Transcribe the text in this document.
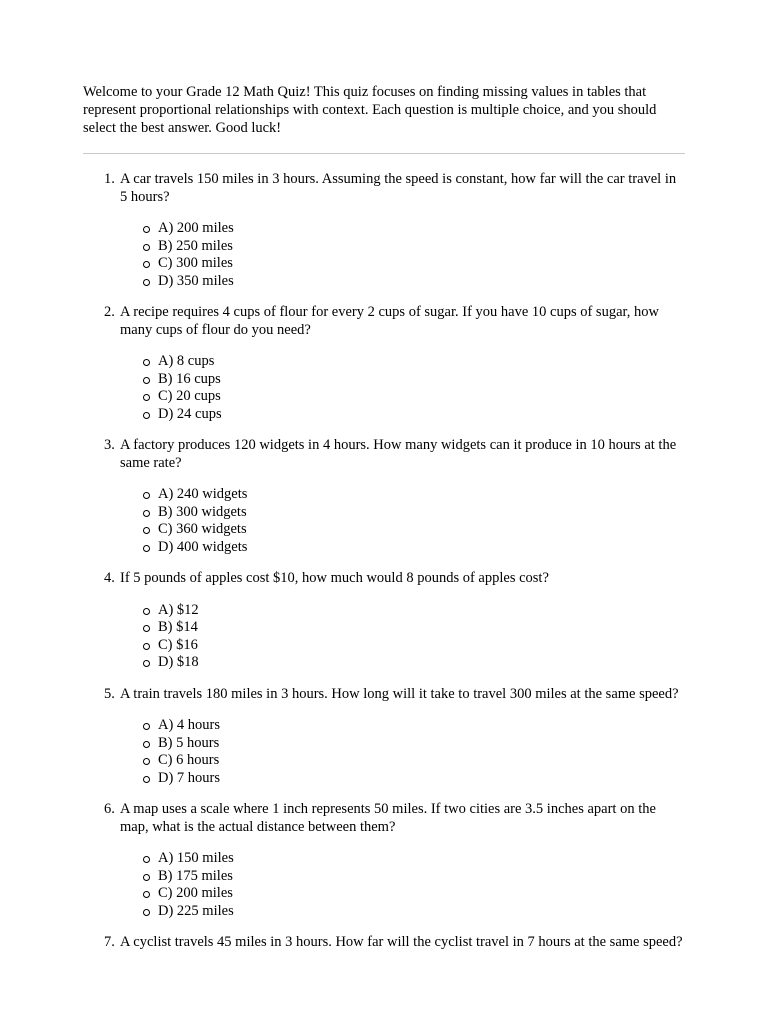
Welcome to your Grade 12 Math Quiz! This quiz focuses on finding missing values in tables that represent proportional relationships with context. Each question is multiple choice, and you should select the best answer. Good luck!

1. A car travels 150 miles in 3 hours. Assuming the speed is constant, how far will the car travel in 5 hours?

A) 200 miles
B) 250 miles
C) 300 miles
D) 350 miles
2. A recipe requires 4 cups of flour for every 2 cups of sugar. If you have 10 cups of sugar, how many cups of flour do you need?

A) 8 cups
B) 16 cups
C) 20 cups
D) 24 cups
3. A factory produces 120 widgets in 4 hours. How many widgets can it produce in 10 hours at the same rate?

A) 240 widgets
B) 300 widgets
C) 360 widgets
D) 400 widgets
4. If 5 pounds of apples cost $10, how much would 8 pounds of apples cost?

A) $12
B) $14
C) $16
D) $18
5. A train travels 180 miles in 3 hours. How long will it take to travel 300 miles at the same speed?

A) 4 hours
B) 5 hours
C) 6 hours
D) 7 hours
6. A map uses a scale where 1 inch represents 50 miles. If two cities are 3.5 inches apart on the map, what is the actual distance between them?

A) 150 miles
B) 175 miles
C) 200 miles
D) 225 miles
7. A cyclist travels 45 miles in 3 hours. How far will the cyclist travel in 7 hours at the same speed?
